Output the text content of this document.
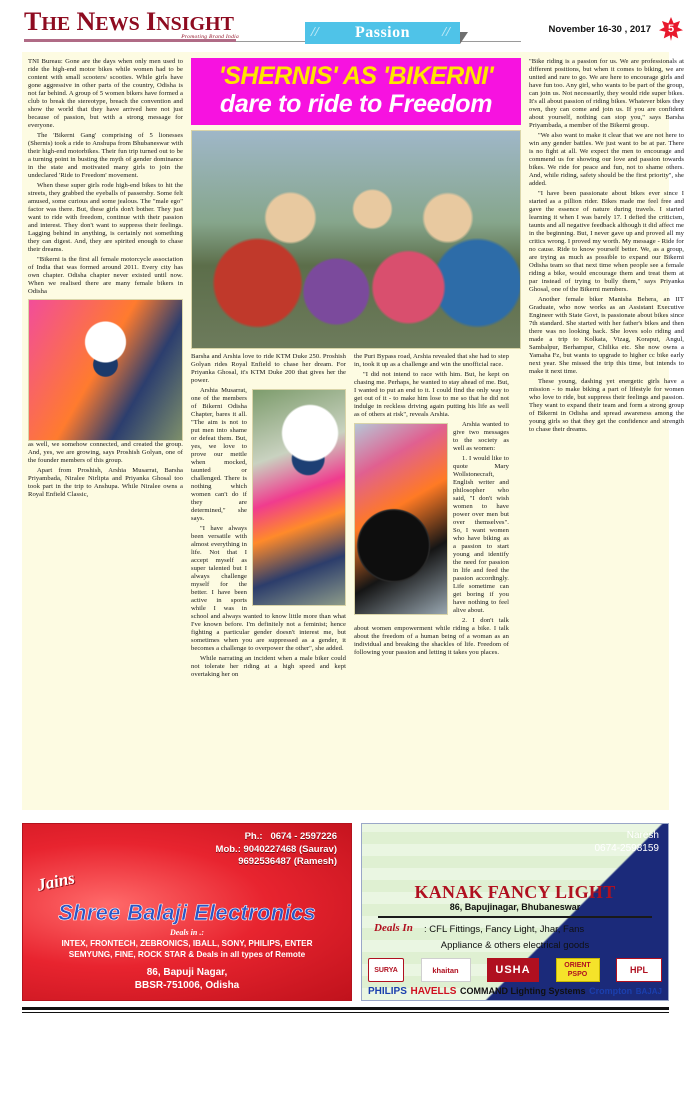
THE NEWS INSIGHT
Promoting Brand India	// Passion //	November 16-30 , 2017	5

TNI Bureau: Gone are the days when only men used to ride the high-end motor bikes while women had to be content with small scooters/ scooties. While girls have gone aggressive in other parts of the country, Odisha is not far behind. A group of 5 women bikers have formed a club to break the stereotype, breach the convention and show the world that they have arrived here not just because of passion, but with a strong message for everyone.

The 'Bikerni Gang' comprising of 5 lionesses (Shernis) took a ride to Anshupa from Bhubaneswar with their high-end motorbikes. Their fun trip turned out to be a turning point in busting the myth of gender dominance in the state and motivated many girls to join the undeclared 'Ride to Freedom' movement.

When these super girls rode high-end bikes to hit the streets, they grabbed the eyeballs of passersby. Some felt amused, some curious and some jealous. The "male ego" factor was there. But, these girls don't bother. They just want to ride with freedom, continue with their passion and interest. They don't want to suppress their feelings. Lagging behind in anything, is certainly not something they can digest. And, they are spirited enough to chase their dreams.

"Bikerni is the first all female motorcycle association of India that was formed around 2011. Every city has own chapter. Odisha chapter never existed until now. When we realised there are many female bikers in Odisha

as well, we somehow connected, and created the group. And, yes, we are growing, says Proshish Golyan, one of the founder members of this group.

Apart from Proshish, Arshia Musarrat, Barsha Priyambada, Niralee Nirlipta and Priyanka Ghosal too took part in the trip to Anshupa. While Niralee owns a Royal Enfield Classic,

'SHERNIS' AS 'BIKERNI'
dare to ride to Freedom

Barsha and Arshia love to ride KTM Duke 250. Proshish Golyan rides Royal Enfield to chase her dream. For Priyanka Ghosal, it's KTM Duke 200 that gives her the power.

Arshia Musarrat, one of the members of Bikerni Odisha Chapter, bares it all. "The aim is not to put men into shame or defeat them. But, yes, we love to prove our mettle when mocked, taunted or challenged. There is nothing which women can't do if they are determined," she says.

"I have always been versatile with almost everything in life. Not that I accept myself as super talented but I always challenge myself for the better. I have been active in sports while I was in school and always wanted to know little more than what I've known before. I'm definitely not a feminist; hence fighting a particular gender doesn't interest me, but sometimes when you are suppressed as a gender, it becomes a challenge to overpower the other", she added.

While narrating an incident when a male biker could not tolerate her riding at a high speed and kept overtaking her on

the Puri Bypass road, Arshia revealed that she had to step in, took it up as a challenge and win the unofficial race.

"I did not intend to race with him. But, he kept on chasing me. Perhaps, he wanted to stay ahead of me. But, I wanted to put an end to it. I could find the only way to get out of it - to make him lose to me so that he did not indulge in reckless driving again putting his life as well as of others at risk", reveals Arshia.

Arshia wanted to give two messages to the society as well as women:

1. I would like to quote Mary Wollstonecraft, English writer and philosopher who said, "I don't wish women to have power over men but over themselves". So, I want women who have biking as a passion to start young and identify the need for passion in life and feed the passion accordingly. Life sometime can get boring if you have nothing to feel alive about.

2. I don't talk about women empowerment while riding a bike. I talk about the freedom of a human being of a woman as an individual and breaking the shackles of life. Freedom of following your passion and letting it takes you places.

"Bike riding is a passion for us. We are professionals at different positions, but when it comes to biking, we are united and rare to go. We are here to encourage girls and have fun too. Any girl, who wants to be part of the group, can join us. Not necessarily, they would ride super bikes. It's all about passion of riding bikes. Whatever bikes they own, they can come and join us. If you are confident about yourself, nothing can stop you," says Barsha Priyambada, a member of the Bikerni group.

"We also want to make it clear that we are not here to win any gender battles. We just want to be at par. There is no fight at all. We expect the men to encourage and commend us for showing our love and passion towards bikes. We ride for peace and fun, not to shame others. And, while riding, safety should be the first priority", she added.

"I have been passionate about bikes ever since I started as a pillion rider. Bikes made me feel free and gave the essence of nature during travels. I started learning it when I was barely 17. I defied the criticism, taunts and all negative feedback although it did affect me in the beginning. But, I never gave up and proved all my critics wrong. I proved my worth. My message - Ride for no cause. Ride to know yourself better. We, as a group, are trying as much as possible to expand our Bikerni Odisha team so that next time when people see a female riding a bike, would encourage them and treat them at par instead of trying to bully them," says Priyanka Ghosal, one of the Bikerni members.

Another female biker Manisha Behera, an IIT Graduate, who now works as an Assistant Executive Engineer with State Govt, is passionate about bikes since 7th standard. She started with her father's bikes and then there was no looking back. She loves solo riding and made a trip to Kolkata, Vizag, Koraput, Angul, Sambalpur, Berhampur, Chilika etc. She now owns a Yamaha Fz, but wants to upgrade to higher cc bike early next year. She missed the trip this time, but intends to make it next time.

These young, dashing yet energetic girls have a mission - to make biking a part of lifestyle for women who love to ride, but suppress their feelings and passion. They want to expand their team and form a strong group of Bikerni in Odisha and spread awareness among the young girls so that they get the confidence and strength to chase their dreams.

Ph.: 0674 - 2597226
Mob.: 9040227468 (Saurav)
9692536487 (Ramesh)
Jains
Shree Balaji Electronics
Deals in .:
INTEX, FRONTECH, ZEBRONICS, IBALL, SONY, PHILIPS, ENTER
SEMYUNG, FINE, ROCK STAR & Deals in all types of Remote
86, Bapuji Nagar,
BBSR-751006, Odisha
Naresh
0674-2598159
KANAK FANCY LIGHT
86, Bapujinagar, Bhubaneswar
Deals In : CFL Fittings, Fancy Light, Jhar, Fans
Appliance & others electrical goods
SURYA	khaitan	USHA	ORIENT PSPO	HPL
PHILIPS HAVELLS COMMAND Lighting Systems Crompton BAJAJ
